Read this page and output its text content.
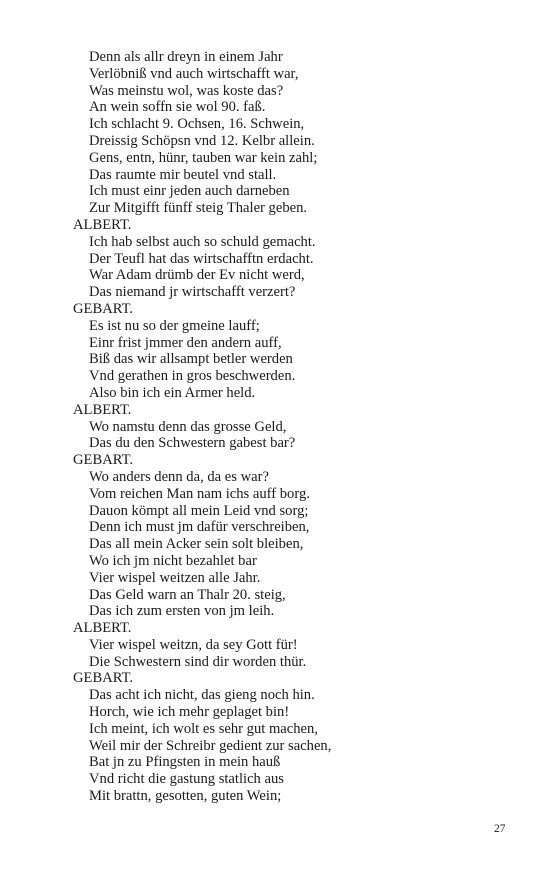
Denn als allr dreyn in einem Jahr
Verlöbniß vnd auch wirtschafft war,
Was meinstu wol, was koste das?
An wein soffn sie wol 90. faß.
Ich schlacht 9. Ochsen, 16. Schwein,
Dreissig Schöpsn vnd 12. Kelbr allein.
Gens, entn, hünr, tauben war kein zahl;
Das raumte mir beutel vnd stall.
Ich must einr jeden auch darneben
Zur Mitgifft fünff steig Thaler geben.
ALBERT.
Ich hab selbst auch so schuld gemacht.
Der Teufl hat das wirtschafftn erdacht.
War Adam drümb der Ev nicht werd,
Das niemand jr wirtschafft verzert?
GEBART.
Es ist nu so der gmeine lauff;
Einr frist jmmer den andern auff,
Biß das wir allsampt betler werden
Vnd gerathen in gros beschwerden.
Also bin ich ein Armer held.
ALBERT.
Wo namstu denn das grosse Geld,
Das du den Schwestern gabest bar?
GEBART.
Wo anders denn da, da es war?
Vom reichen Man nam ichs auff borg.
Dauon kömpt all mein Leid vnd sorg;
Denn ich must jm dafür verschreiben,
Das all mein Acker sein solt bleiben,
Wo ich jm nicht bezahlet bar
Vier wispel weitzen alle Jahr.
Das Geld warn an Thalr 20. steig,
Das ich zum ersten von jm leih.
ALBERT.
Vier wispel weitzn, da sey Gott für!
Die Schwestern sind dir worden thür.
GEBART.
Das acht ich nicht, das gieng noch hin.
Horch, wie ich mehr geplaget bin!
Ich meint, ich wolt es sehr gut machen,
Weil mir der Schreibr gedient zur sachen,
Bat jn zu Pfingsten in mein hauß
Vnd richt die gastung statlich aus
Mit brattn, gesotten, guten Wein;
27
